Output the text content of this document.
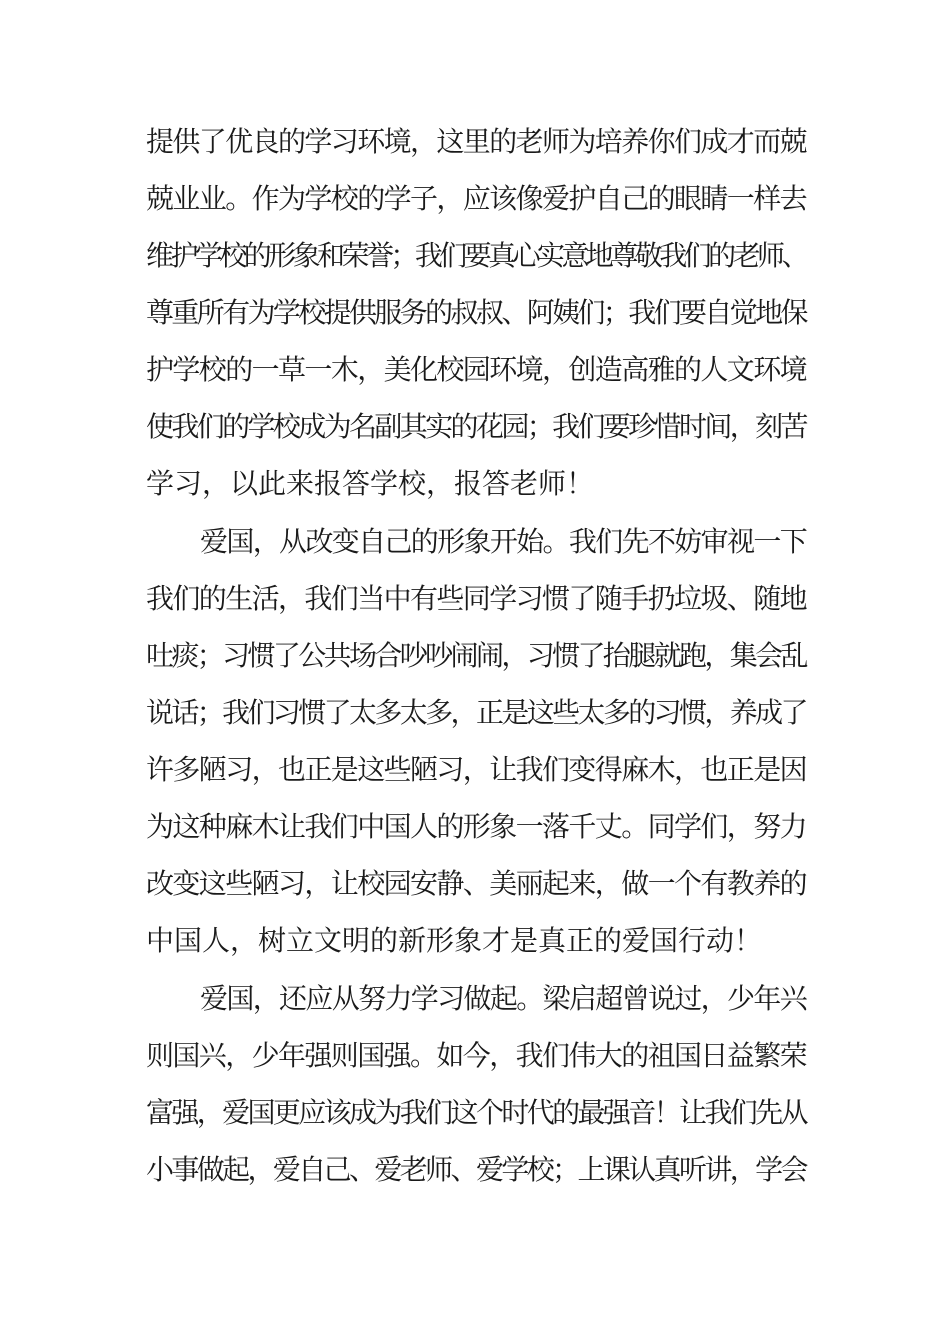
提供了优良的学习环境，这里的老师为培养你们成才而兢
兢业业。作为学校的学子，应该像爱护自己的眼睛一样去
维护学校的形象和荣誉；我们要真心实意地尊敬我们的老师、
尊重所有为学校提供服务的叔叔、阿姨们；我们要自觉地保
护学校的一草一木，美化校园环境，创造高雅的人文环境
使我们的学校成为名副其实的花园；我们要珍惜时间，刻苦
学习，以此来报答学校，报答老师！
爱国，从改变自己的形象开始。我们先不妨审视一下
我们的生活，我们当中有些同学习惯了随手扔垃圾、随地
吐痰；习惯了公共场合吵吵闹闹，习惯了抬腿就跑，集会乱
说话；我们习惯了太多太多，正是这些太多的习惯，养成了
许多陋习，也正是这些陋习，让我们变得麻木，也正是因
为这种麻木让我们中国人的形象一落千丈。同学们，努力
改变这些陋习，让校园安静、美丽起来，做一个有教养的
中国人，树立文明的新形象才是真正的爱国行动！
爱国，还应从努力学习做起。梁启超曾说过，少年兴
则国兴，少年强则国强。如今，我们伟大的祖国日益繁荣
富强，爱国更应该成为我们这个时代的最强音！让我们先从
小事做起，爱自己、爱老师、爱学校；上课认真听讲，学会
